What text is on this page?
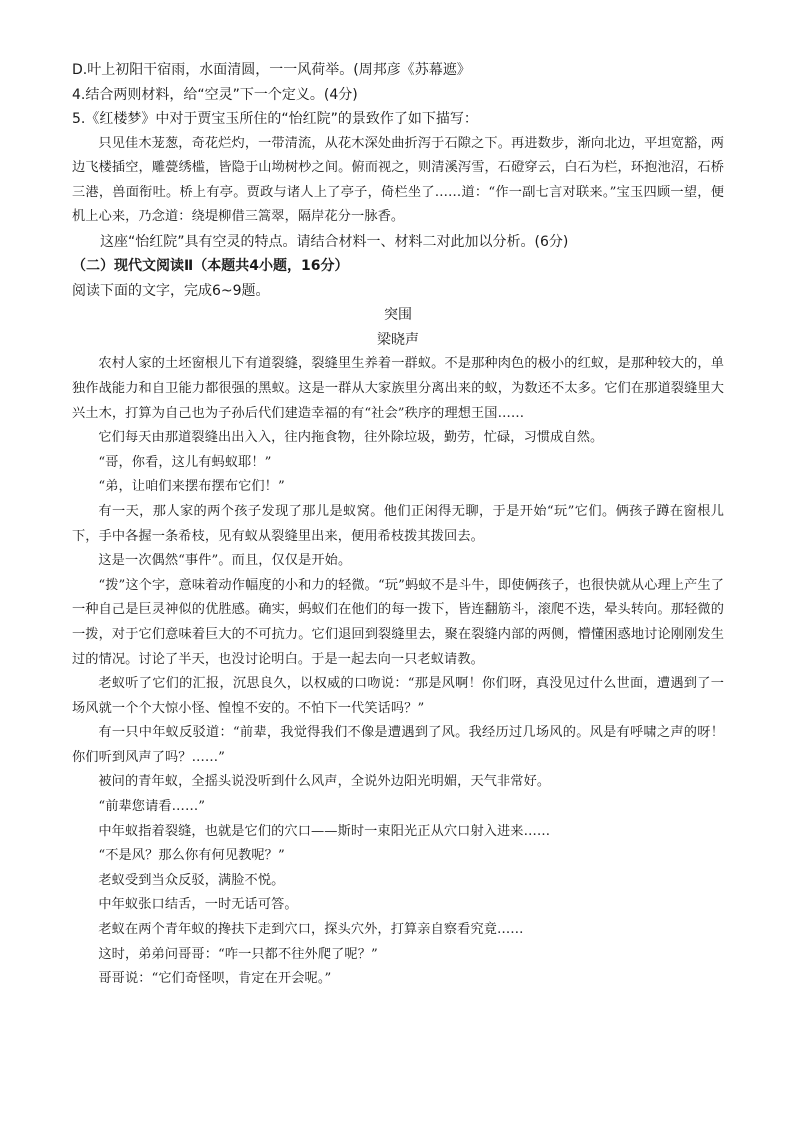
D.叶上初阳干宿雨，水面清圆，一一风荷举。(周邦彦《苏幕遮》

4.结合两则材料，给“空灵”下一个定义。(4分)

5.《红楼梦》中对于贾宝玉所住的“怡红院”的景致作了如下描写：

只见佳木茏葱，奇花烂灼，一带清流，从花木深处曲折泻于石隙之下。再进数步，渐向北边，平坦宽豁，两边飞楼插空，雕甍绣槛，皆隐于山坳树杪之间。俯而视之，则清溪泻雪，石磴穿云，白石为栏，环抱池沼，石桥三港，兽面衔吐。桥上有亭。贾政与诸人上了亭子，倚栏坐了……道：“作一副七言对联来。”宝玉四顾一望，便机上心来，乃念道：绕堤柳借三篙翠，隔岸花分一脉香。

这座“怡红院”具有空灵的特点。请结合材料一、材料二对此加以分析。(6分)

（二）现代文阅读Ⅱ（本题共4小题，16分）

阅读下面的文字，完成6~9题。

突围

梁晓声

农村人家的土坯窗根儿下有道裂缝，裂缝里生养着一群蚁。不是那种肉色的极小的红蚁，是那种较大的，单独作战能力和自卫能力都很强的黑蚁。这是一群从大家族里分离出来的蚁，为数还不太多。它们在那道裂缝里大兴土木，打算为自己也为子孙后代们建造幸福的有“社会”秩序的理想王国……

它们每天由那道裂缝出出入入，往内拖食物，往外除垃圾，勤劳，忙碌，习惯成自然。

“哥，你看，这儿有蚂蚁耶！”

“弟，让咱们来摆布摆布它们！”

有一天，那人家的两个孩子发现了那儿是蚁窝。他们正闲得无聊，于是开始“玩”它们。俩孩子蹲在窗根儿下，手中各握一条希枝，见有蚁从裂缝里出来，便用希枝拨其拨回去。

这是一次偶然“事件”。而且，仅仅是开始。

“拨”这个字，意味着动作幅度的小和力的轻微。“玩”蚂蚁不是斗牛，即使俩孩子，也很快就从心理上产生了一种自己是巨灵神似的优胜感。确实，蚂蚁们在他们的每一拨下，皆连翻筋斗，滚爬不迭，晕头转向。那轻微的一拨，对于它们意味着巨大的不可抗力。它们退回到裂缝里去，聚在裂缝内部的两侧，懵懂困惑地讨论刚刚发生过的情况。讨论了半天，也没讨论明白。于是一起去向一只老蚁请教。

老蚁听了它们的汇报，沉思良久，以权威的口吻说：“那是风啊！你们呀，真没见过什么世面，遭遇到了一场风就一个个大惊小怪、惶惶不安的。不怕下一代笑话吗？”

有一只中年蚁反驳道：“前辈，我觉得我们不像是遭遇到了风。我经历过几场风的。风是有呼啸之声的呀！你们听到风声了吗？……”

被问的青年蚁，全摇头说没听到什么风声，全说外边阳光明媚，天气非常好。

“前辈您请看……”

中年蚁指着裂缝，也就是它们的穴口——斯时一束阳光正从穴口射入进来……

“不是风？那么你有何见教呢？”

老蚁受到当众反驳，满脸不悦。

中年蚁张口结舌，一时无话可答。

老蚁在两个青年蚁的搀扶下走到穴口，探头穴外，打算亲自察看究竟……

这时，弟弟问哥哥：“咋一只都不往外爬了呢？”

哥哥说：“它们奇怪呗，肯定在开会呢。”
